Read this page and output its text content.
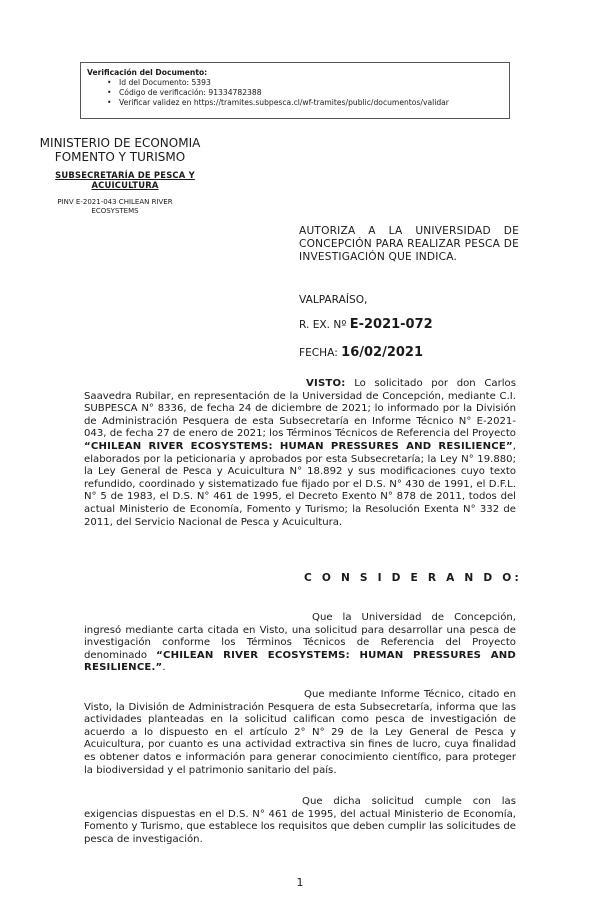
Verificación del Documento:
• Id del Documento: 5393
• Código de verificación: 91334782388
• Verificar validez en https://tramites.subpesca.cl/wf-tramites/public/documentos/validar
MINISTERIO DE ECONOMIA
FOMENTO Y TURISMO
SUBSECRETARÍA DE PESCA Y
ACUICULTURA
PINV E-2021-043 CHILEAN RIVER
ECOSYSTEMS
AUTORIZA A LA UNIVERSIDAD DE CONCEPCIÓN PARA REALIZAR PESCA DE INVESTIGACIÓN QUE INDICA.
VALPARAÍSO,
R. EX. Nº E-2021-072
FECHA: 16/02/2021
VISTO: Lo solicitado por don Carlos Saavedra Rubilar, en representación de la Universidad de Concepción, mediante C.I. SUBPESCA N° 8336, de fecha 24 de diciembre de 2021; lo informado por la División de Administración Pesquera de esta Subsecretaría en Informe Técnico N° E-2021-043, de fecha 27 de enero de 2021; los Términos Técnicos de Referencia del Proyecto “CHILEAN RIVER ECOSYSTEMS: HUMAN PRESSURES AND RESILIENCE”, elaborados por la peticionaria y aprobados por esta Subsecretaría; la Ley N° 19.880; la Ley General de Pesca y Acuicultura N° 18.892 y sus modificaciones cuyo texto refundido, coordinado y sistematizado fue fijado por el D.S. N° 430 de 1991, el D.F.L. N° 5 de 1983, el D.S. N° 461 de 1995, el Decreto Exento N° 878 de 2011, todos del actual Ministerio de Economía, Fomento y Turismo; la Resolución Exenta N° 332 de 2011, del Servicio Nacional de Pesca y Acuicultura.
C O N S I D E R A N D O:
Que la Universidad de Concepción, ingresó mediante carta citada en Visto, una solicitud para desarrollar una pesca de investigación conforme los Términos Técnicos de Referencia del Proyecto denominado “CHILEAN RIVER ECOSYSTEMS: HUMAN PRESSURES AND RESILIENCE.”.
Que mediante Informe Técnico, citado en Visto, la División de Administración Pesquera de esta Subsecretaría, informa que las actividades planteadas en la solicitud califican como pesca de investigación de acuerdo a lo dispuesto en el artículo 2° N° 29 de la Ley General de Pesca y Acuicultura, por cuanto es una actividad extractiva sin fines de lucro, cuya finalidad es obtener datos e información para generar conocimiento científico, para proteger la biodiversidad y el patrimonio sanitario del país.
Que dicha solicitud cumple con las exigencias dispuestas en el D.S. N° 461 de 1995, del actual Ministerio de Economía, Fomento y Turismo, que establece los requisitos que deben cumplir las solicitudes de pesca de investigación.
1
